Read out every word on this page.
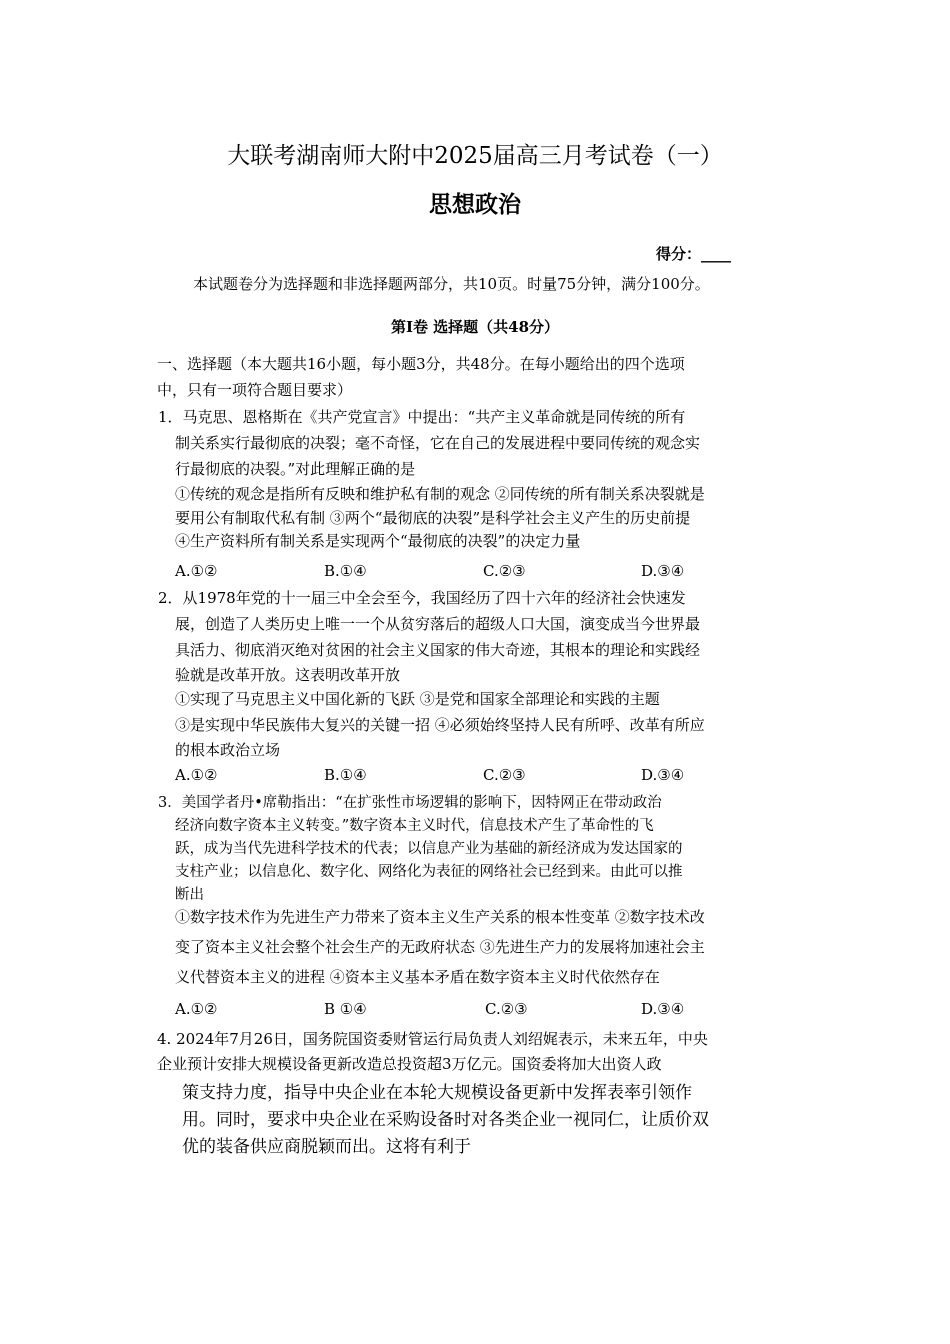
大联考湖南师大附中2025届高三月考试卷（一）
思想政治
得分：____
本试题卷分为选择题和非选择题两部分，共10页。时量75分钟，满分100分。
第Ⅰ卷 选择题（共48分）
一、选择题（本大题共16小题，每小题3分，共48分。在每小题给出的四个选项
中，只有一项符合题目要求）
1．马克思、恩格斯在《共产党宣言》中提出：“共产主义革命就是同传统的所有
制关系实行最彻底的决裂；毫不奇怪，它在自己的发展进程中要同传统的观念实
行最彻底的决裂。”对此理解正确的是
①传统的观念是指所有反映和维护私有制的观念 ②同传统的所有制关系决裂就是
要用公有制取代私有制 ③两个“最彻底的决裂”是科学社会主义产生的历史前提
④生产资料所有制关系是实现两个“最彻底的决裂”的决定力量
A.①②	B.①④	C.②③	D.③④
2．从1978年党的十一届三中全会至今，我国经历了四十六年的经济社会快速发
展，创造了人类历史上唯一一个从贫穷落后的超级人口大国，演变成当今世界最
具活力、彻底消灭绝对贫困的社会主义国家的伟大奇迹，其根本的理论和实践经
验就是改革开放。这表明改革开放
①实现了马克思主义中国化新的飞跃 ③是党和国家全部理论和实践的主题
③是实现中华民族伟大复兴的关键一招 ④必须始终坚持人民有所呼、改革有所应
的根本政治立场
A.①②	B.①④	C.②③	D.③④
3．美国学者丹•席勒指出：“在扩张性市场逻辑的影响下，因特网正在带动政治
经济向数字资本主义转变。”数字资本主义时代，信息技术产生了革命性的飞
跃，成为当代先进科学技术的代表；以信息产业为基础的新经济成为发达国家的
支柱产业；以信息化、数字化、网络化为表征的网络社会已经到来。由此可以推
断出
①数字技术作为先进生产力带来了资本主义生产关系的根本性变革 ②数字技术改
变了资本主义社会整个社会生产的无政府状态 ③先进生产力的发展将加速社会主
义代替资本主义的进程 ④资本主义基本矛盾在数字资本主义时代依然存在
A.①②	B ①④	C.②③	D.③④
4. 2024年7月26日，国务院国资委财管运行局负责人刘绍娓表示，未来五年，中央
企业预计安排大规模设备更新改造总投资超3万亿元。国资委将加大出资人政
策支持力度，指导中央企业在本轮大规模设备更新中发挥表率引领作
用。同时，要求中央企业在采购设备时对各类企业一视同仁，让质价双
优的装备供应商脱颖而出。这将有利于
